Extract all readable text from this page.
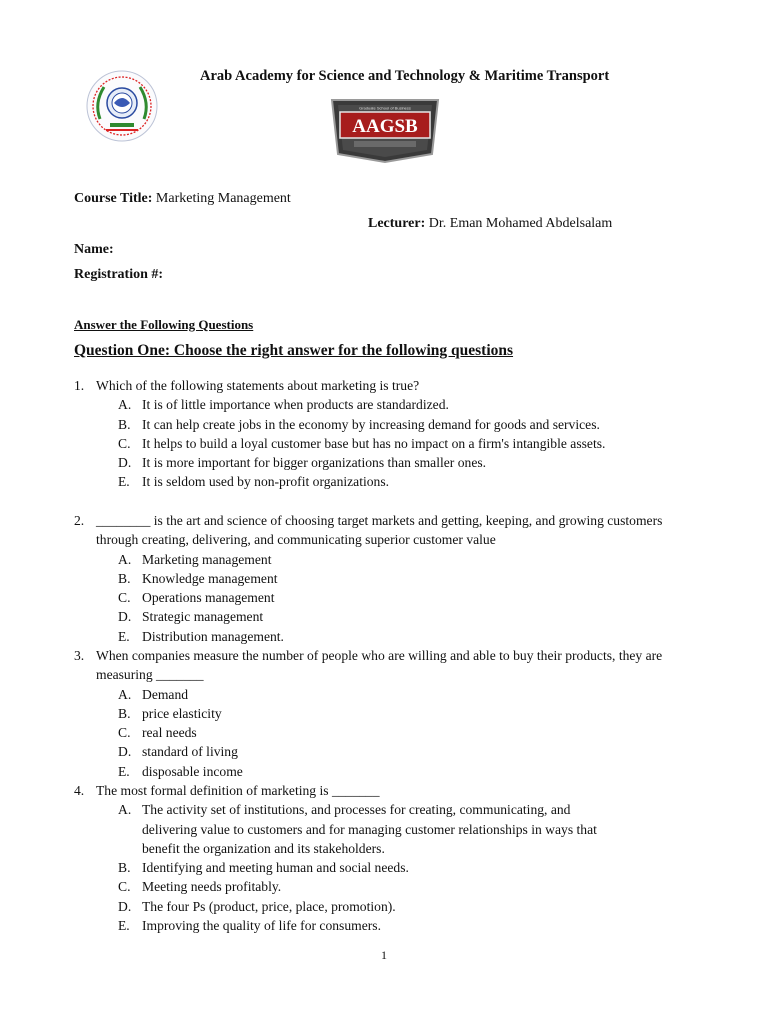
Arab Academy for Science and Technology & Maritime Transport
AAGSB
Graduate School of Business
Course Title: Marketing Management
Lecturer: Dr. Eman Mohamed Abdelsalam
Name:
Registration #:
Answer the Following Questions
Question One: Choose the right answer for the following questions
1. Which of the following statements about marketing is true?
A. It is of little importance when products are standardized.
B. It can help create jobs in the economy by increasing demand for goods and services.
C. It helps to build a loyal customer base but has no impact on a firm's intangible assets.
D. It is more important for bigger organizations than smaller ones.
E. It is seldom used by non-profit organizations.
2. ________ is the art and science of choosing target markets and getting, keeping, and growing customers through creating, delivering, and communicating superior customer value
A. Marketing management
B. Knowledge management
C. Operations management
D. Strategic management
E. Distribution management.
3. When companies measure the number of people who are willing and able to buy their products, they are measuring _______
A. Demand
B. price elasticity
C. real needs
D. standard of living
E. disposable income
4. The most formal definition of marketing is _______
A. The activity set of institutions, and processes for creating, communicating, and delivering value to customers and for managing customer relationships in ways that benefit the organization and its stakeholders.
B. Identifying and meeting human and social needs.
C. Meeting needs profitably.
D. The four Ps (product, price, place, promotion).
E. Improving the quality of life for consumers.
1
